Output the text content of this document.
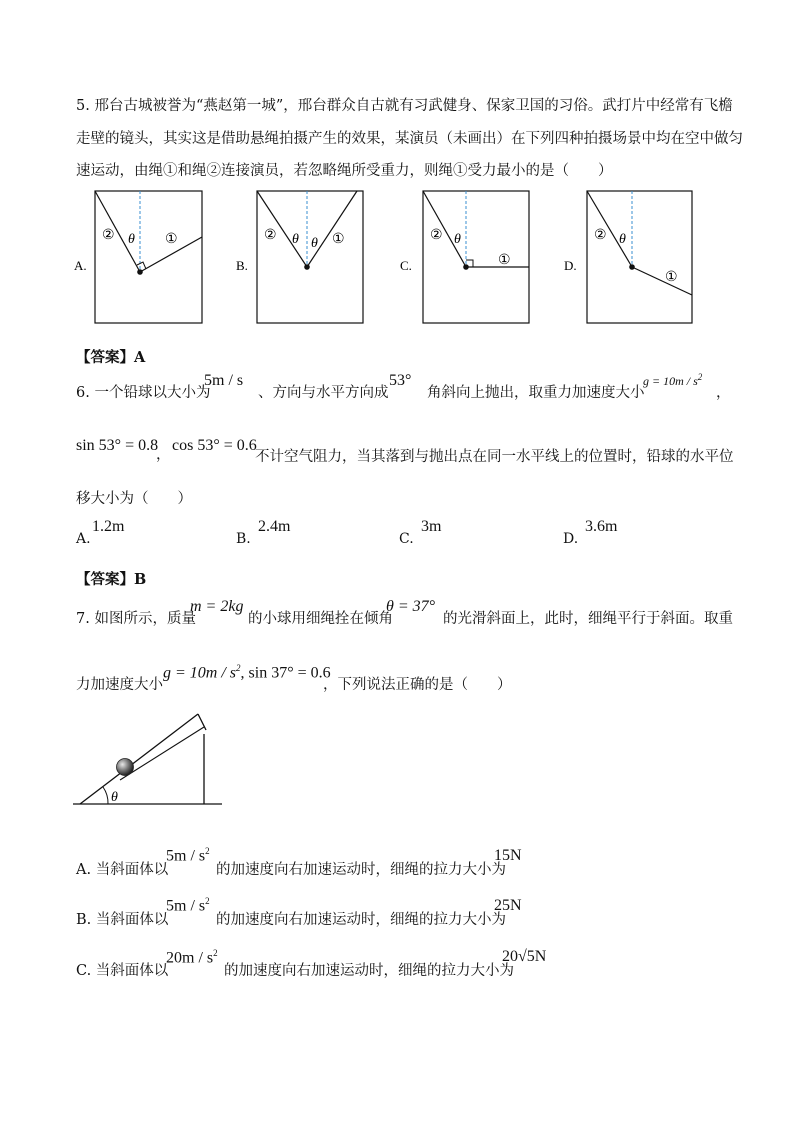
5. 邢台古城被誉为“燕赵第一城”，邢台群众自古就有习武健身、保家卫国的习俗。武打片中经常有飞檐
走壁的镜头，其实这是借助悬绳拍摄产生的效果，某演员（未画出）在下列四种拍摄场景中均在空中做匀
速运动，由绳①和绳②连接演员，若忽略绳所受重力，则绳①受力最小的是（　　）
② θ ①
A.
② θ θ ①
B.
② θ
①
C.
② θ
①
D.
【答案】A
6. 一个铅球以大小为
5m / s
、方向与水平方向成
53°
角斜向上抛出，取重力加速度大小
$g = 10m / s^2$
，
sin 53° = 0.8
，
cos 53° = 0.6
不计空气阻力，当其落到与抛出点在同一水平线上的位置时，铅球的水平位
移大小为（　　）
A.
1.2m
B.
2.4m
C.
3m
D.
3.6m
【答案】B
7. 如图所示，质量
m = 2kg
的小球用细绳拴在倾角
θ = 37°
的光滑斜面上，此时，细绳平行于斜面。取重
力加速度大小
$g = 10m / s^2$, sin 37° = 0.6
，下列说法正确的是（　　）
θ
A. 当斜面体以
$5m / s^2$
的加速度向右加速运动时，细绳的拉力大小为
15N
B. 当斜面体以
$5m / s^2$
的加速度向右加速运动时，细绳的拉力大小为
25N
C. 当斜面体以
$20m / s^2$
的加速度向右加速运动时，细绳的拉力大小为
20√5N
